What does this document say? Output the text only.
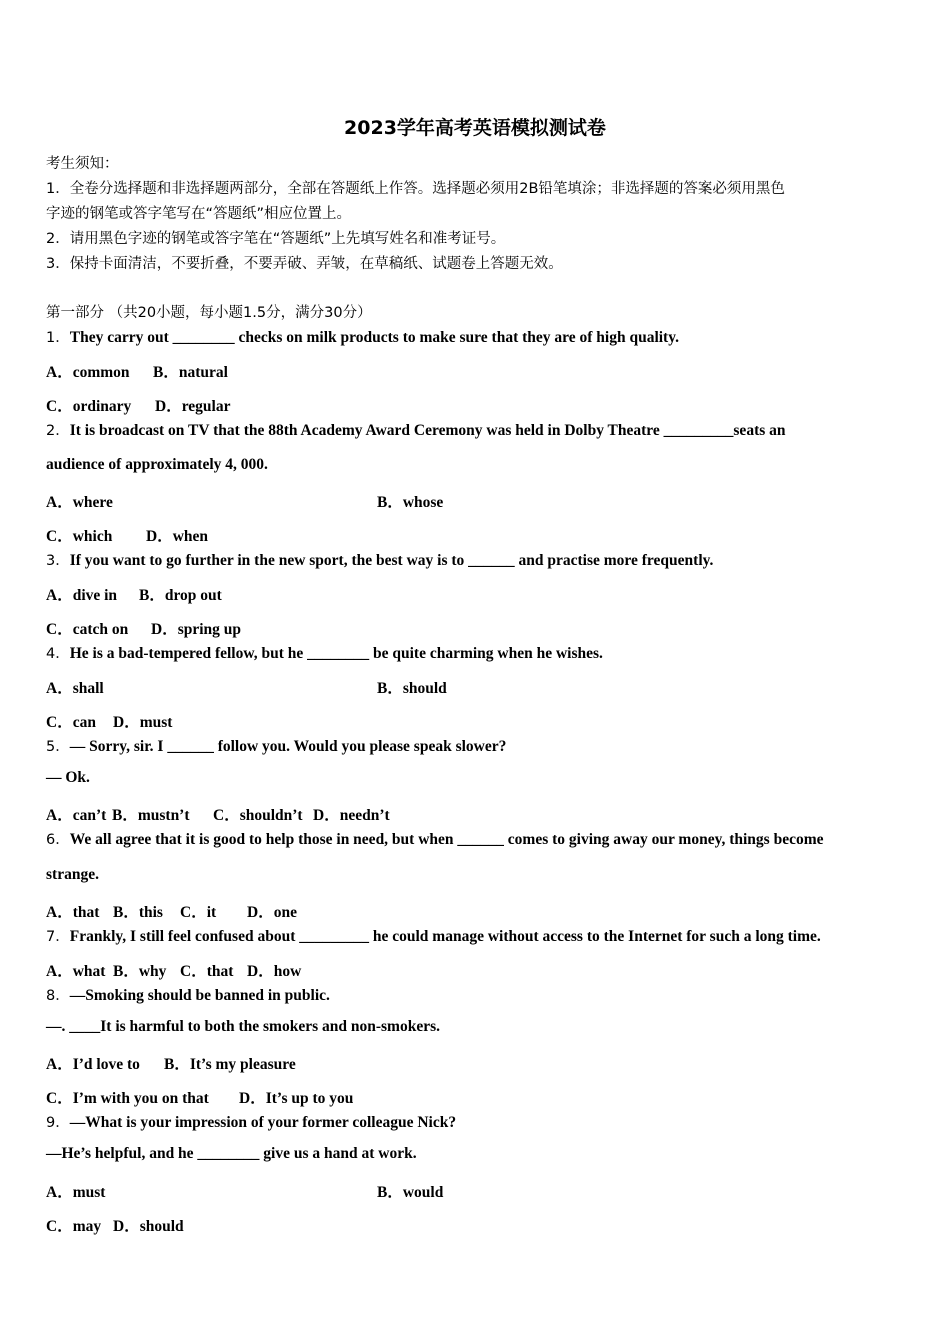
2023学年高考英语模拟测试卷
考生须知：
1．全卷分选择题和非选择题两部分，全部在答题纸上作答。选择题必须用2B铅笔填涂；非选择题的答案必须用黑色
字迹的钢笔或答字笔写在“答题纸”相应位置上。
2．请用黑色字迹的钢笔或答字笔在“答题纸”上先填写姓名和准考证号。
3．保持卡面清洁，不要折叠，不要弄破、弄皱，在草稿纸、试题卷上答题无效。
第一部分 （共20小题，每小题1.5分，满分30分）
1．They carry out ________ checks on milk products to make sure that they are of high quality.
A．common B．natural
C．ordinary D．regular
2．It is broadcast on TV that the 88th Academy Award Ceremony was held in Dolby Theatre _________seats an
audience of approximately 4, 000.
A．where	B．whose
C．which D．when
3．If you want to go further in the new sport, the best way is to ______ and practise more frequently.
A．dive in B．drop out
C．catch on D．spring up
4．He is a bad-tempered fellow, but he ________ be quite charming when he wishes.
A．shall	B．should
C．can D．must
5．— Sorry, sir. I ______ follow you. Would you please speak slower?
— Ok.
A．can’t B．mustn’t C．shouldn’t D．needn’t
6．We all agree that it is good to help those in need, but when ______ comes to giving away our money, things become
strange.
A．that B．this C．it D．one
7．Frankly, I still feel confused about _________ he could manage without access to the Internet for such a long time.
A．what B．why C．that D．how
8．—Smoking should be banned in public.
—. ____It is harmful to both the smokers and non-smokers.
A．I’d love to B．It’s my pleasure
C．I’m with you on that D．It’s up to you
9．—What is your impression of your former colleague Nick?
—He’s helpful, and he ________ give us a hand at work.
A．must	B．would
C．may D．should
